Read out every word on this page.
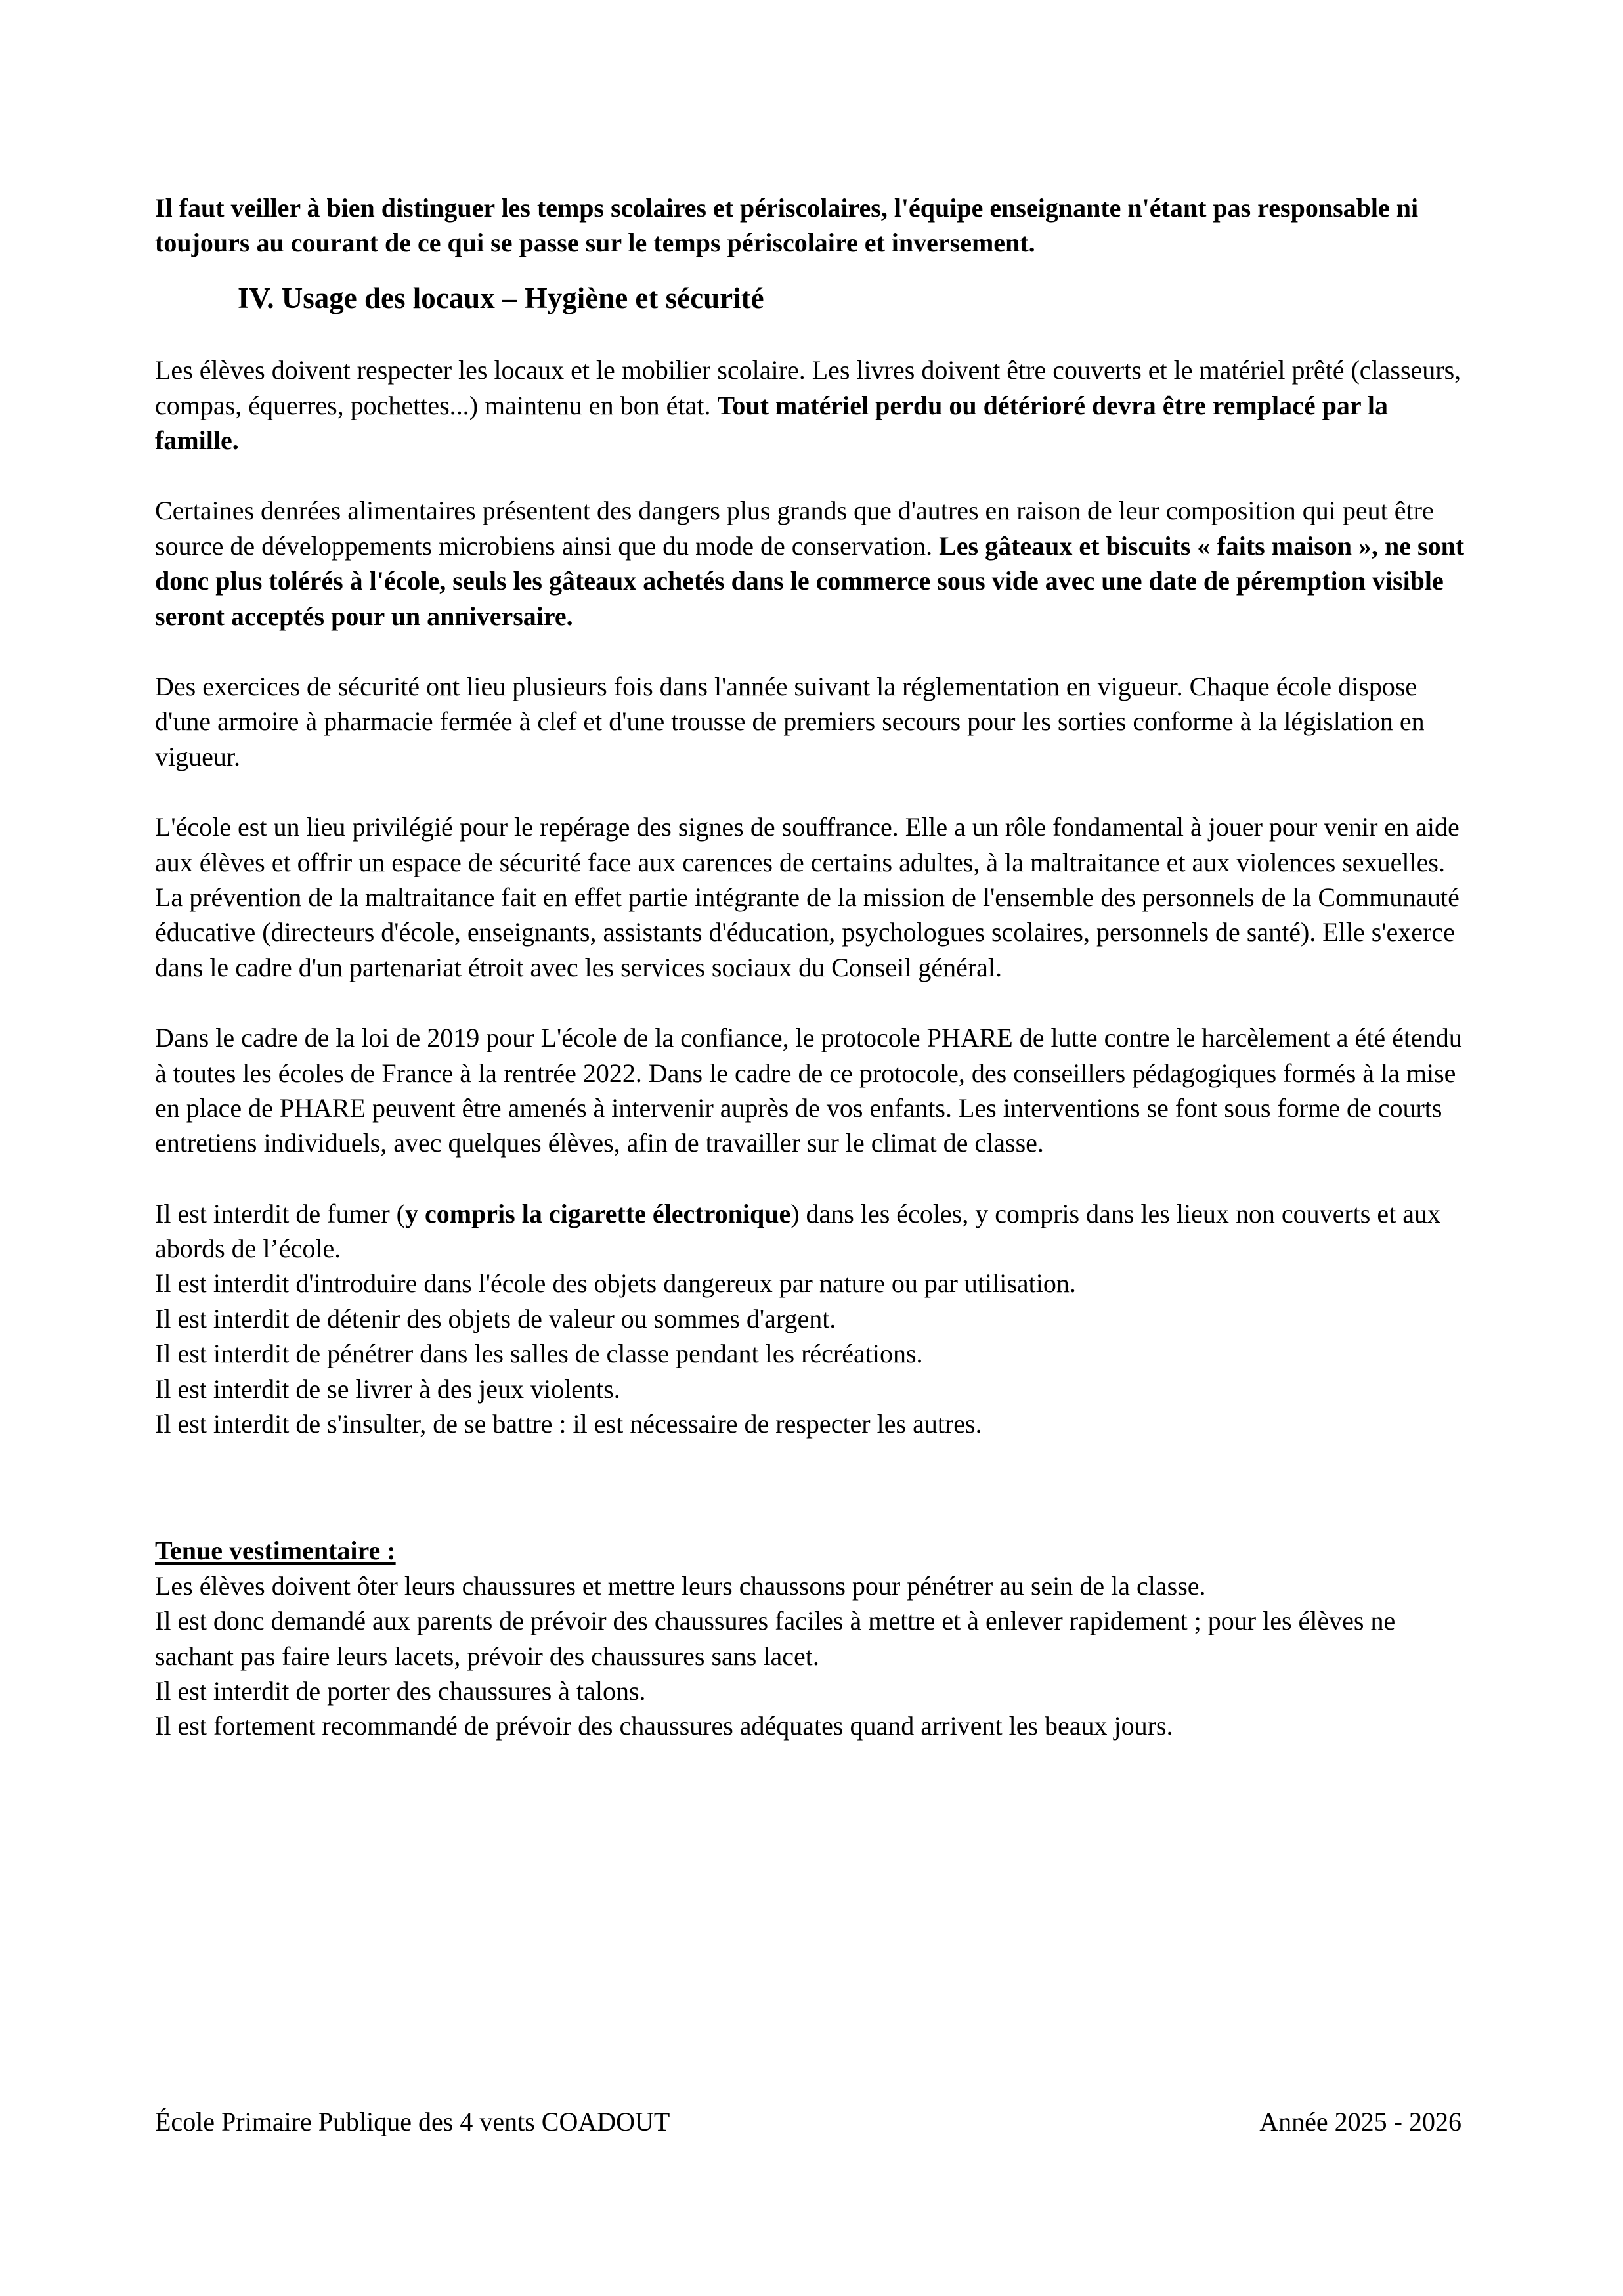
Il faut veiller à bien distinguer les temps scolaires et périscolaires, l'équipe enseignante n'étant pas responsable ni toujours au courant de ce qui se passe sur le temps périscolaire et inversement.

IV. Usage des locaux – Hygiène et sécurité

Les élèves doivent respecter les locaux et le mobilier scolaire. Les livres doivent être couverts et le matériel prêté (classeurs, compas, équerres, pochettes...) maintenu en bon état. Tout matériel perdu ou détérioré devra être remplacé par la famille.

Certaines denrées alimentaires présentent des dangers plus grands que d'autres en raison de leur composition qui peut être source de développements microbiens ainsi que du mode de conservation. Les gâteaux et biscuits « faits maison », ne sont donc plus tolérés à l'école, seuls les gâteaux achetés dans le commerce sous vide avec une date de péremption visible seront acceptés pour un anniversaire.

Des exercices de sécurité ont lieu plusieurs fois dans l'année suivant la réglementation en vigueur. Chaque école dispose d'une armoire à pharmacie fermée à clef et d'une trousse de premiers secours pour les sorties conforme à la législation en vigueur.

L'école est un lieu privilégié pour le repérage des signes de souffrance. Elle a un rôle fondamental à jouer pour venir en aide aux élèves et offrir un espace de sécurité face aux carences de certains adultes, à la maltraitance et aux violences sexuelles.

La prévention de la maltraitance fait en effet partie intégrante de la mission de l'ensemble des personnels de la Communauté éducative (directeurs d'école, enseignants, assistants d'éducation, psychologues scolaires, personnels de santé). Elle s'exerce dans le cadre d'un partenariat étroit avec les services sociaux du Conseil général.

Dans le cadre de la loi de 2019 pour L'école de la confiance, le protocole PHARE de lutte contre le harcèlement a été étendu à toutes les écoles de France à la rentrée 2022. Dans le cadre de ce protocole, des conseillers pédagogiques formés à la mise en place de PHARE peuvent être amenés à intervenir auprès de vos enfants. Les interventions se font sous forme de courts entretiens individuels, avec quelques élèves, afin de travailler sur le climat de classe.

Il est interdit de fumer (y compris la cigarette électronique) dans les écoles, y compris dans les lieux non couverts et aux abords de l’école.

Il est interdit d'introduire dans l'école des objets dangereux par nature ou par utilisation.

Il est interdit de détenir des objets de valeur ou sommes d'argent.

Il est interdit de pénétrer dans les salles de classe pendant les récréations.

Il est interdit de se livrer à des jeux violents.

Il est interdit de s'insulter, de se battre : il est nécessaire de respecter les autres.

Tenue vestimentaire :

Les élèves doivent ôter leurs chaussures et mettre leurs chaussons pour pénétrer au sein de la classe.

Il est donc demandé aux parents de prévoir des chaussures faciles à mettre et à enlever rapidement ; pour les élèves ne sachant pas faire leurs lacets, prévoir des chaussures sans lacet.

Il est interdit de porter des chaussures à talons.

Il est fortement recommandé de prévoir des chaussures adéquates quand arrivent les beaux jours.

École Primaire Publique des 4 vents COADOUT	Année 2025 - 2026
